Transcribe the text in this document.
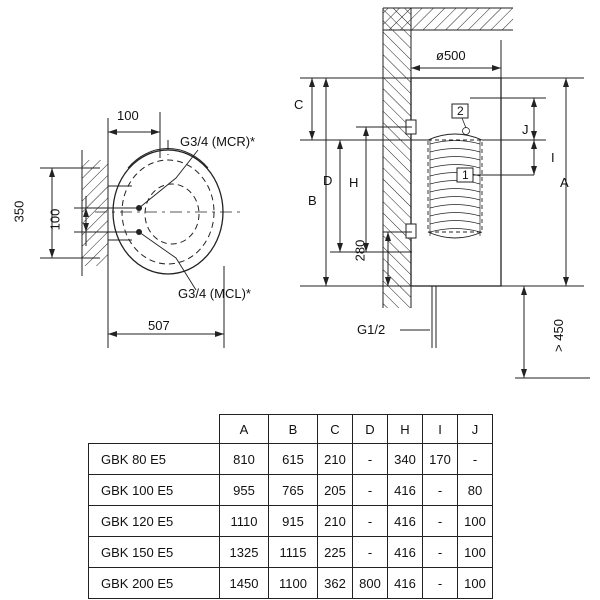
100
G3/4 (MCR)*
G3/4 (MCL)*
350 100
507
ø500
C
B
D H
280
A
I
J
G1/2	> 450
1
2
	A	B	C	D	H	I	J
GBK 80 E5	810	615	210	-	340	170	-
GBK 100 E5	955	765	205	-	416	-	80
GBK 120 E5	1110	915	210	-	416	-	100
GBK 150 E5	1325	1115	225	-	416	-	100
GBK 200 E5	1450	1100	362	800	416	-	100
